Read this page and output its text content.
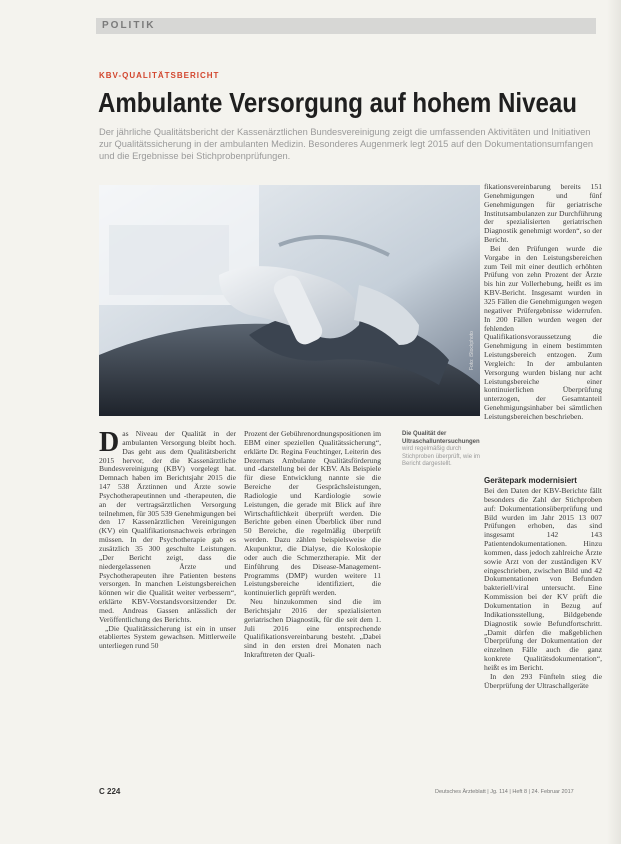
POLITIK
KBV-QUALITÄTSBERICHT
Ambulante Versorgung auf hohem Niveau
Der jährliche Qualitätsbericht der Kassenärztlichen Bundesvereinigung zeigt die umfassenden Aktivitäten und Initiativen zur Qualitätssicherung in der ambulanten Medizin. Besonderes Augenmerk legt 2015 auf den Dokumentationsumfangen und die Ergebnisse bei Stichprobenprüfungen.
Foto: iStockphoto
Die Qualität der Ultraschalluntersuchungen wird regelmäßig durch Stichproben überprüft, wie im Bericht dargestellt.
D as Niveau der Qualität in der ambulanten Versorgung bleibt hoch. Das geht aus dem Qualitätsbericht 2015 hervor, der die Kassenärztliche Bundesvereinigung (KBV) vorgelegt hat. Demnach haben im Berichtsjahr 2015 die 147 538 Ärztinnen und Ärzte sowie Psychotherapeutinnen und -therapeuten, die an der vertragsärztlichen Versorgung teilnehmen, für 305 539 Genehmigungen bei den 17 Kassenärztlichen Vereinigungen (KV) ein Qualifikationsnachweis erbringen müssen. In der Psychotherapie gab es zusätzlich 35 300 geschulte Leistungen. „Der Bericht zeigt, dass die niedergelassenen Ärzte und Psychotherapeuten ihre Patienten bestens versorgen. In manchen Leistungsbereichen können wir die Qualität weiter verbessern“, erklärte KBV-Vorstandsvorsitzender Dr. med. Andreas Gassen anlässlich der Veröffentlichung des Berichts.

„Die Qualitätssicherung ist ein in unser etabliertes System gewachsen. Mittlerweile unterliegen rund 50

Prozent der Gebührenordnungspositionen im EBM einer speziellen Qualitätssicherung“, erklärte Dr. Regina Feuchtinger, Leiterin des Dezernats Ambulante Qualitätsförderung und -darstellung bei der KBV. Als Beispiele für diese Entwicklung nannte sie die Bereiche der Gesprächsleistungen, Radiologie und Kardiologie sowie Leistungen, die gerade mit Blick auf ihre Wirtschaftlichkeit überprüft werden. Die Berichte geben einen Überblick über rund 50 Bereiche, die regelmäßig überprüft werden. Dazu zählen beispielsweise die Akupunktur, die Dialyse, die Koloskopie oder auch die Schmerztherapie. Mit der Einführung des Disease-Management-Programms (DMP) wurden weitere 11 Leistungsbereiche identifiziert, die kontinuierlich geprüft werden.

Neu hinzukommen sind die im Berichtsjahr 2016 der spezialisierten geriatrischen Diagnostik, für die seit dem 1. Juli 2016 eine entsprechende Qualifikationsvereinbarung besteht. „Dabei sind in den ersten drei Monaten nach Inkrafttreten der Quali-

fikationsvereinbarung bereits 151 Genehmigungen und fünf Genehmigungen für geriatrische Institutsambulanzen zur Durchführung der spezialisierten geriatrischen Diagnostik genehmigt worden“, so der Bericht.

Bei den Prüfungen wurde die Vorgabe in den Leistungsbereichen zum Teil mit einer deutlich erhöhten Prüfung von zehn Prozent der Ärzte bis hin zur Vollerhebung, heißt es im KBV-Bericht. Insgesamt wurden in 325 Fällen die Genehmigungen wegen negativer Prüfergebnisse widerrufen. In 200 Fällen wurden wegen der fehlenden Qualifikationsvoraussetzung die Genehmigung in einem bestimmten Leistungsbereich entzogen. Zum Vergleich: In der ambulanten Versorgung wurden bislang nur acht Leistungsbereiche einer kontinuierlichen Überprüfung unterzogen, der Gesamtanteil Genehmigungsinhaber bei sämtlichen Leistungsbereichen beschrieben.

Gerätepark modernisiert

Bei den Daten der KBV-Berichte fällt besonders die Zahl der Stichproben auf: Dokumentationsüberprüfung und Bild wurden im Jahr 2015 13 007 Prüfungen erhoben, das sind insgesamt 142 143 Patientendokumentationen. Hinzu kommen, dass jedoch zahlreiche Ärzte sowie Arzt von der zuständigen KV eingeschrieben, zwischen Bild und 42 Dokumentationen von Befunden bakteriell/viral untersucht. Eine Kommission bei der KV prüft die Dokumentation in Bezug auf Indikationsstellung, Bildgebende Diagnostik sowie Befundfortschritt. „Damit dürfen die maßgeblichen Überprüfung der Dokumentation der einzelnen Fälle auch die ganz konkrete Qualitätsdokumentation“, heißt es im Bericht.

In den 293 Fünfteln stieg die Überprüfung der Ultraschallgeräte

C 224	Deutsches Ärzteblatt | Jg. 114 | Heft 8 | 24. Februar 2017
